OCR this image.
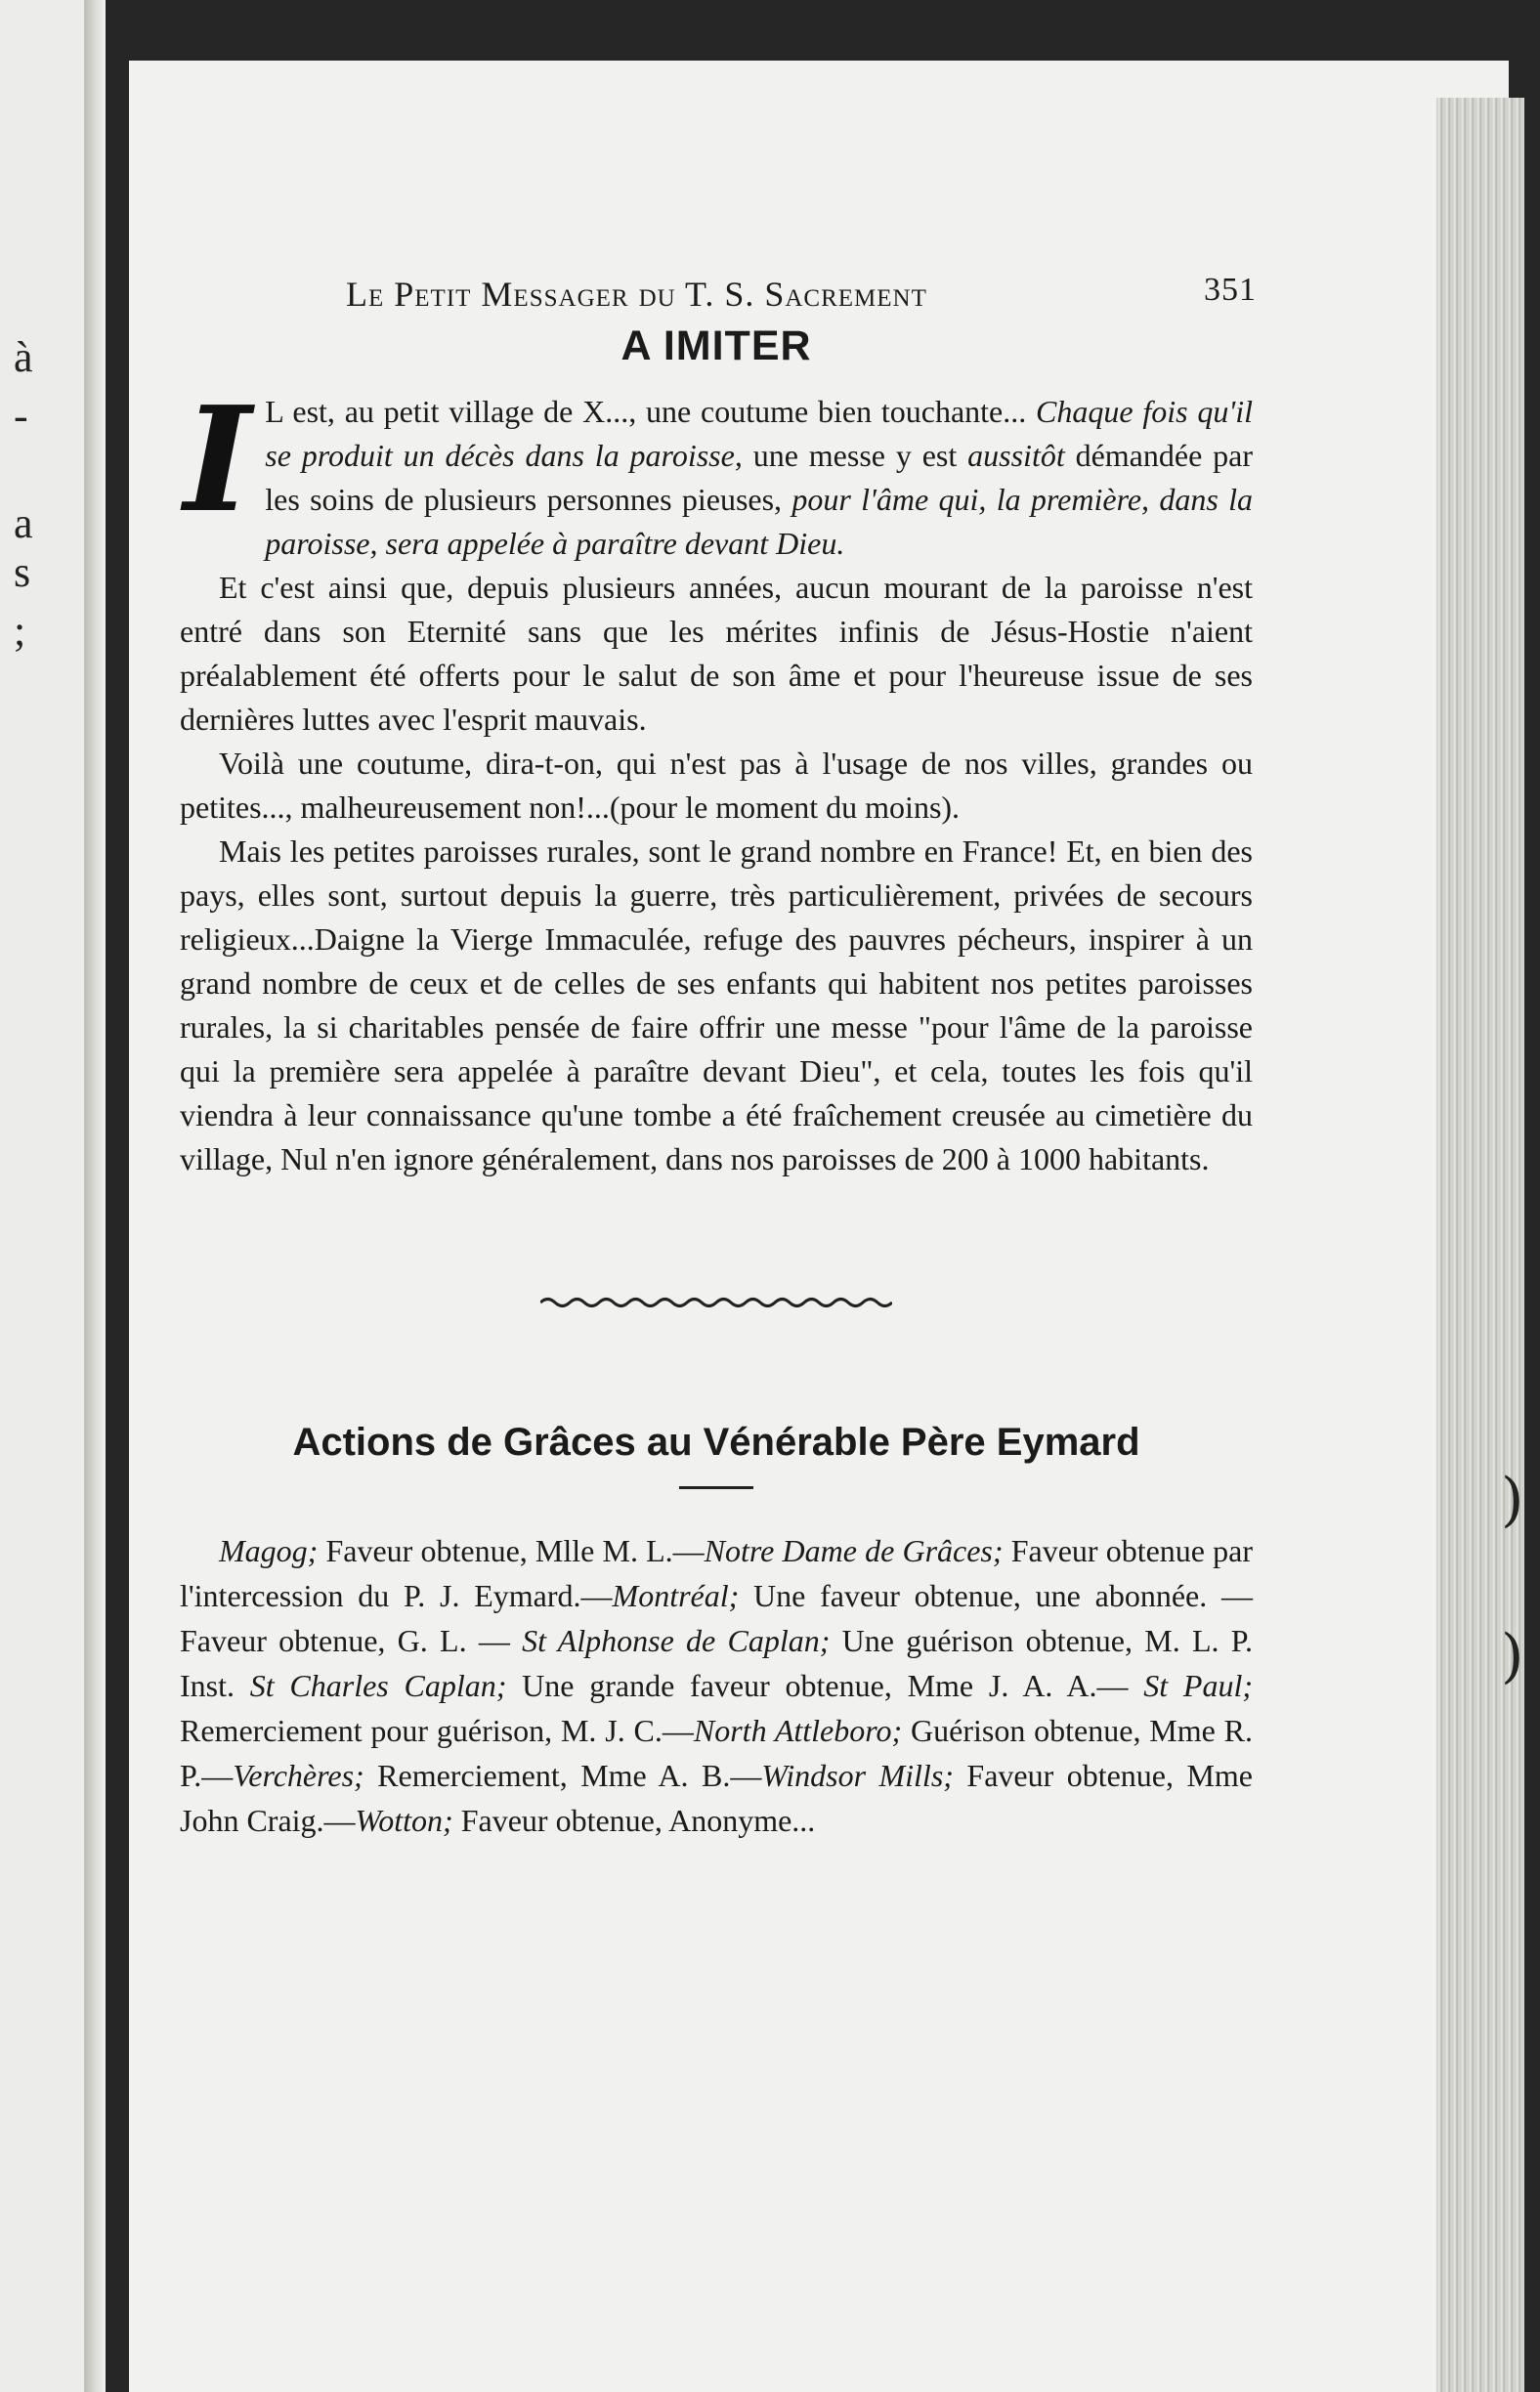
à
-
a
s
;
)
)
Le Petit Messager du T. S. Sacrement	351
A IMITER

I L est, au petit village de X..., une coutume bien touchante... Chaque fois qu'il se produit un décès dans la paroisse, une messe y est aussitôt démandée par les soins de plusieurs personnes pieuses, pour l'âme qui, la première, dans la paroisse, sera appelée à paraître devant Dieu.

Et c'est ainsi que, depuis plusieurs années, aucun mourant de la paroisse n'est entré dans son Eternité sans que les mérites infinis de Jésus-Hostie n'aient préalablement été offerts pour le salut de son âme et pour l'heureuse issue de ses dernières luttes avec l'esprit mauvais.

Voilà une coutume, dira-t-on, qui n'est pas à l'usage de nos villes, grandes ou petites..., malheureusement non!...(pour le moment du moins).

Mais les petites paroisses rurales, sont le grand nombre en France! Et, en bien des pays, elles sont, surtout depuis la guerre, très particulièrement, privées de secours religieux...Daigne la Vierge Immaculée, refuge des pauvres pécheurs, inspirer à un grand nombre de ceux et de celles de ses enfants qui habitent nos petites paroisses rurales, la si charitables pensée de faire offrir une messe "pour l'âme de la paroisse qui la première sera appelée à paraître devant Dieu", et cela, toutes les fois qu'il viendra à leur connaissance qu'une tombe a été fraîchement creusée au cimetière du village, Nul n'en ignore généralement, dans nos paroisses de 200 à 1000 habitants.

Actions de Grâces au Vénérable Père Eymard

Magog; Faveur obtenue, Mlle M. L.—Notre Dame de Grâces; Faveur obtenue par l'intercession du P. J. Eymard.—Montréal; Une faveur obtenue, une abonnée. — Faveur obtenue, G. L. — St Alphonse de Caplan; Une guérison obtenue, M. L. P. Inst. St Charles Caplan; Une grande faveur obtenue, Mme J. A. A.— St Paul; Remerciement pour guérison, M. J. C.—North Attleboro; Guérison obtenue, Mme R. P.—Verchères; Remerciement, Mme A. B.—Windsor Mills; Faveur obtenue, Mme John Craig.—Wotton; Faveur obtenue, Anonyme...
